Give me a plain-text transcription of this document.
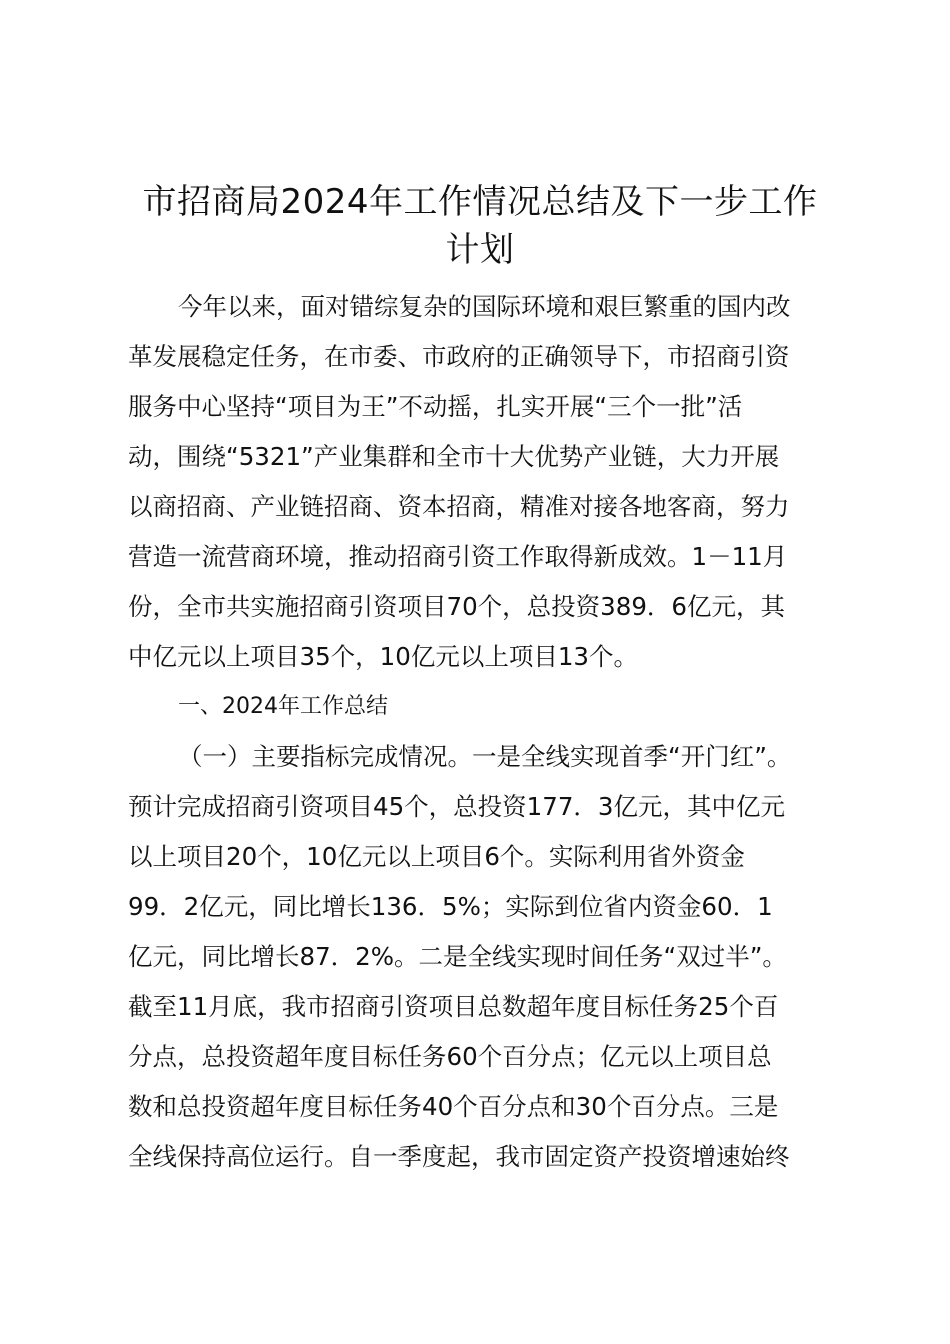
市招商局2024年工作情况总结及下一步工作
计划
今年以来，面对错综复杂的国际环境和艰巨繁重的国内改
革发展稳定任务，在市委、市政府的正确领导下，市招商引资
服务中心坚持“项目为王”不动摇，扎实开展“三个一批”活
动，围绕“5321”产业集群和全市十大优势产业链，大力开展
以商招商、产业链招商、资本招商，精准对接各地客商，努力
营造一流营商环境，推动招商引资工作取得新成效。1－11月
份，全市共实施招商引资项目70个，总投资389．6亿元，其
中亿元以上项目35个，10亿元以上项目13个。
一、2024年工作总结
（一）主要指标完成情况。一是全线实现首季“开门红”。
预计完成招商引资项目45个，总投资177．3亿元，其中亿元
以上项目20个，10亿元以上项目6个。实际利用省外资金
99．2亿元，同比增长136．5%；实际到位省内资金60．1
亿元，同比增长87．2%。二是全线实现时间任务“双过半”。
截至11月底，我市招商引资项目总数超年度目标任务25个百
分点，总投资超年度目标任务60个百分点；亿元以上项目总
数和总投资超年度目标任务40个百分点和30个百分点。三是
全线保持高位运行。自一季度起，我市固定资产投资增速始终
